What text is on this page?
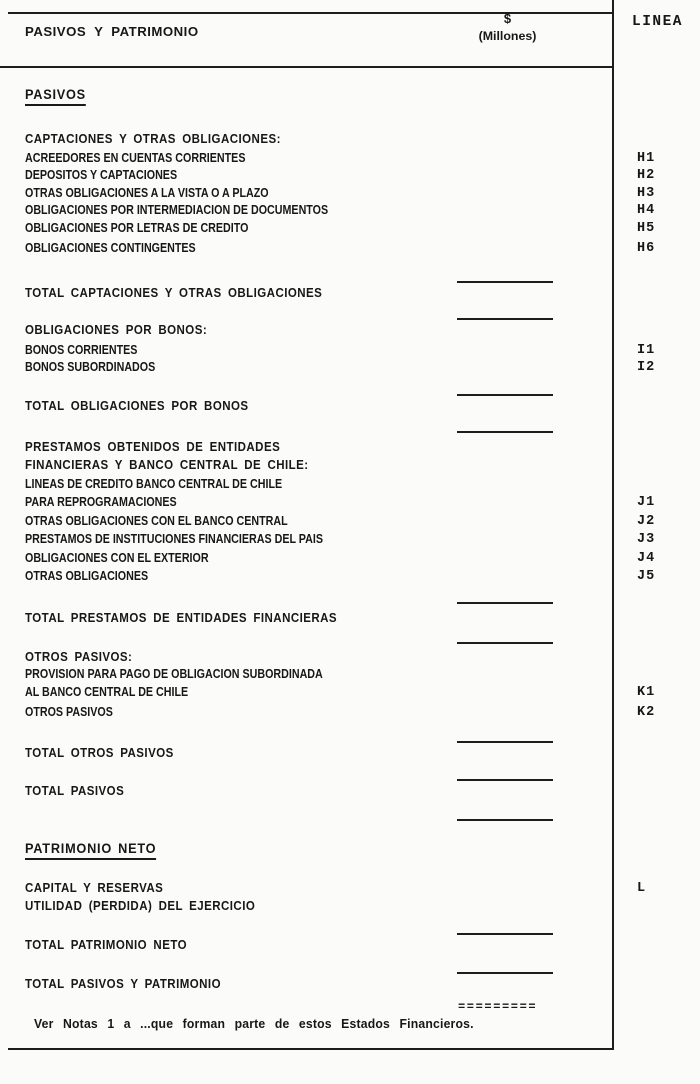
PASIVOS Y PATRIMONIO
$
(Millones)
LINEA
PASIVOS
CAPTACIONES Y OTRAS OBLIGACIONES:
ACREEDORES EN CUENTAS CORRIENTES	H1
DEPOSITOS Y CAPTACIONES	H2
OTRAS OBLIGACIONES A LA VISTA O A PLAZO	H3
OBLIGACIONES POR INTERMEDIACION DE DOCUMENTOS	H4
OBLIGACIONES POR LETRAS DE CREDITO	H5
OBLIGACIONES CONTINGENTES	H6
TOTAL CAPTACIONES Y OTRAS OBLIGACIONES
OBLIGACIONES POR BONOS:
BONOS CORRIENTES	I1
BONOS SUBORDINADOS	I2
TOTAL OBLIGACIONES POR BONOS
PRESTAMOS OBTENIDOS DE ENTIDADES
FINANCIERAS Y BANCO CENTRAL DE CHILE:
LINEAS DE CREDITO BANCO CENTRAL DE CHILE
PARA REPROGRAMACIONES	J1
OTRAS OBLIGACIONES CON EL BANCO CENTRAL	J2
PRESTAMOS DE INSTITUCIONES FINANCIERAS DEL PAIS	J3
OBLIGACIONES CON EL EXTERIOR	J4
OTRAS OBLIGACIONES	J5
TOTAL PRESTAMOS DE ENTIDADES FINANCIERAS
OTROS PASIVOS:
PROVISION PARA PAGO DE OBLIGACION SUBORDINADA
AL BANCO CENTRAL DE CHILE	K1
OTROS PASIVOS	K2
TOTAL OTROS PASIVOS
TOTAL PASIVOS
PATRIMONIO NETO
CAPITAL Y RESERVAS	L
UTILIDAD (PERDIDA) DEL EJERCICIO
TOTAL PATRIMONIO NETO
TOTAL PASIVOS Y PATRIMONIO
=========
Ver Notas 1 a ...que forman parte de estos Estados Financieros.
